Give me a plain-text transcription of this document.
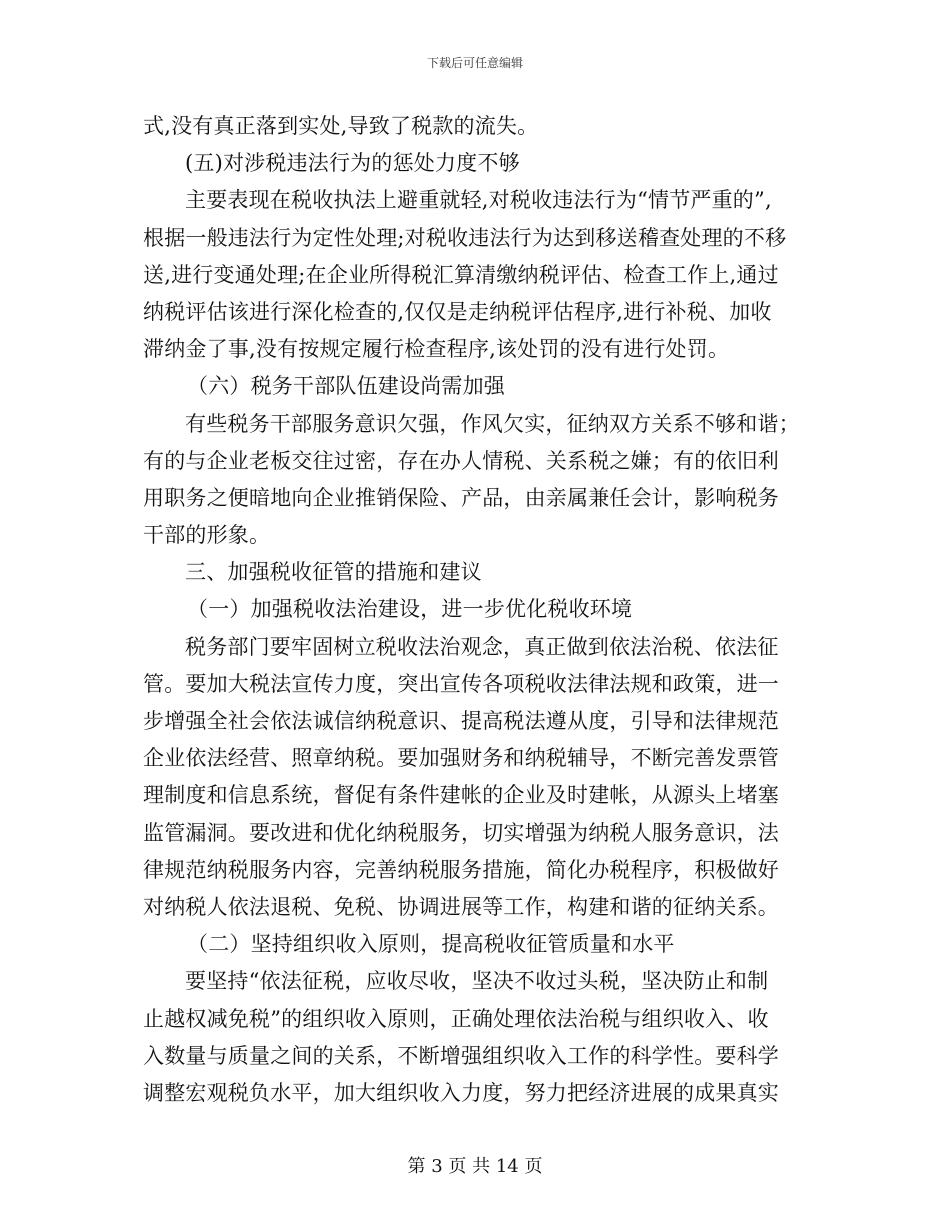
下载后可任意编辑
式,没有真正落到实处,导致了税款的流失。
(五)对涉税违法行为的惩处力度不够
主要表现在税收执法上避重就轻,对税收违法行为“情节严重的”,
根据一般违法行为定性处理;对税收违法行为达到移送稽查处理的不移
送,进行变通处理;在企业所得税汇算清缴纳税评估、检查工作上,通过
纳税评估该进行深化检查的,仅仅是走纳税评估程序,进行补税、加收
滞纳金了事,没有按规定履行检查程序,该处罚的没有进行处罚。
（六）税务干部队伍建设尚需加强
有些税务干部服务意识欠强，作风欠实，征纳双方关系不够和谐；
有的与企业老板交往过密，存在办人情税、关系税之嫌；有的依旧利
用职务之便暗地向企业推销保险、产品，由亲属兼任会计，影响税务
干部的形象。
三、加强税收征管的措施和建议
（一）加强税收法治建设，进一步优化税收环境
税务部门要牢固树立税收法治观念，真正做到依法治税、依法征
管。要加大税法宣传力度，突出宣传各项税收法律法规和政策，进一
步增强全社会依法诚信纳税意识、提高税法遵从度，引导和法律规范
企业依法经营、照章纳税。要加强财务和纳税辅导，不断完善发票管
理制度和信息系统，督促有条件建帐的企业及时建帐，从源头上堵塞
监管漏洞。要改进和优化纳税服务，切实增强为纳税人服务意识，法
律规范纳税服务内容，完善纳税服务措施，简化办税程序，积极做好
对纳税人依法退税、免税、协调进展等工作，构建和谐的征纳关系。
（二）坚持组织收入原则，提高税收征管质量和水平
要坚持“依法征税，应收尽收，坚决不收过头税，坚决防止和制
止越权减免税”的组织收入原则，正确处理依法治税与组织收入、收
入数量与质量之间的关系，不断增强组织收入工作的科学性。要科学
调整宏观税负水平，加大组织收入力度，努力把经济进展的成果真实
第 3 页 共 14 页
